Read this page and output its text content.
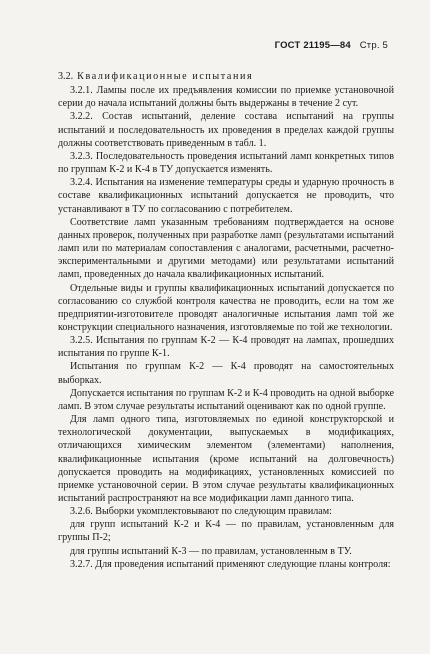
ГОСТ 21195—84 Стр. 5

3.2. Квалификационные испытания

3.2.1. Лампы после их предъявления комиссии по приемке установочной серии до начала испытаний должны быть выдержаны в течение 2 сут.

3.2.2. Состав испытаний, деление состава испытаний на группы испытаний и последовательность их проведения в пределах каждой группы должны соответствовать приведенным в табл. 1.

3.2.3. Последовательность проведения испытаний ламп конкретных типов по группам К-2 и К-4 в ТУ допускается изменять.

3.2.4. Испытания на изменение температуры среды и ударную прочность в составе квалификационных испытаний допускается не проводить, что устанавливают в ТУ по согласованию с потребителем.

Соответствие ламп указанным требованиям подтверждается на основе данных проверок, полученных при разработке ламп (результатами испытаний ламп или по материалам сопоставления с аналогами, расчетными, расчетно-экспериментальными и другими методами) или результатами испытаний ламп, проведенных до начала квалификационных испытаний.

Отдельные виды и группы квалификационных испытаний допускается по согласованию со службой контроля качества не проводить, если на том же предприятии-изготовителе проводят аналогичные испытания ламп той же конструкции специального назначения, изготовляемые по той же технологии.

3.2.5. Испытания по группам К-2 — К-4 проводят на лампах, прошедших испытания по группе К-1.

Испытания по группам К-2 — К-4 проводят на самостоятельных выборках.

Допускается испытания по группам К-2 и К-4 проводить на одной выборке ламп. В этом случае результаты испытаний оценивают как по одной группе.

Для ламп одного типа, изготовляемых по единой конструкторской и технологической документации, выпускаемых в модификациях, отличающихся химическим элементом (элементами) наполнения, квалификационные испытания (кроме испытаний на долговечность) допускается проводить на модификациях, установленных комиссией по приемке установочной серии. В этом случае результаты квалификационных испытаний распространяют на все модификации ламп данного типа.

3.2.6. Выборки укомплектовывают по следующим правилам:

для групп испытаний К-2 и К-4 — по правилам, установленным для группы П-2;

для группы испытаний К-3 — по правилам, установленным в ТУ.

3.2.7. Для проведения испытаний применяют следующие планы контроля:
